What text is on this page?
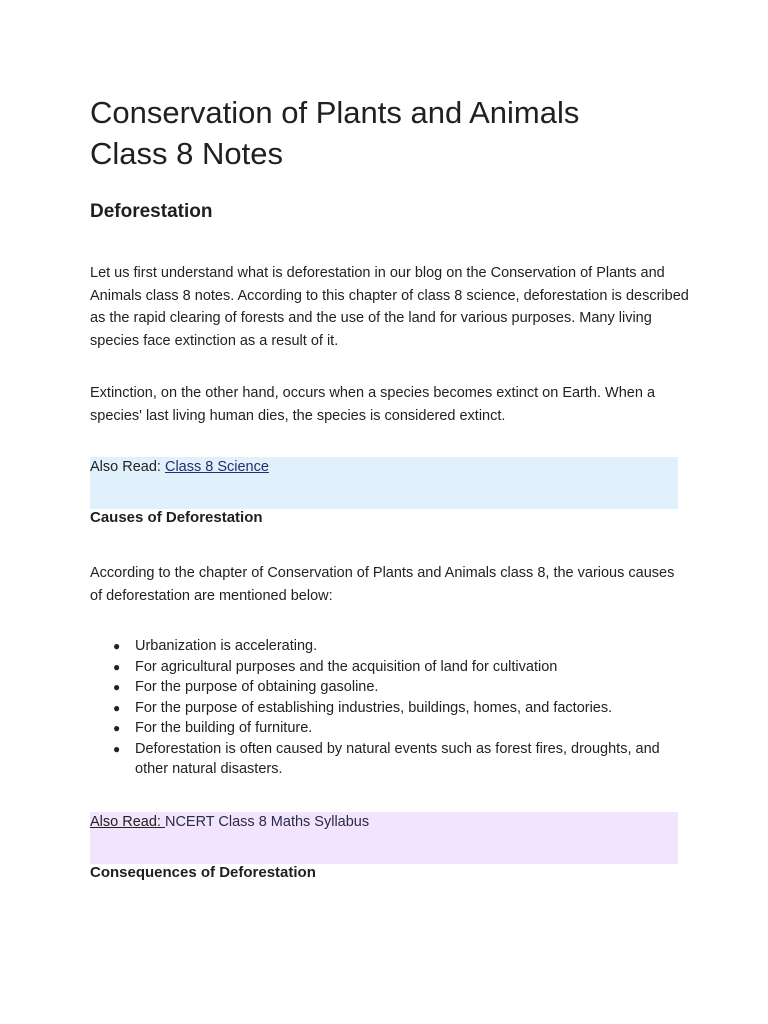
Conservation of Plants and Animals
Class 8 Notes
Deforestation

Let us first understand what is deforestation in our blog on the Conservation of Plants and Animals class 8 notes. According to this chapter of class 8 science, deforestation is described as the rapid clearing of forests and the use of the land for various purposes. Many living species face extinction as a result of it.

Extinction, on the other hand, occurs when a species becomes extinct on Earth. When a species' last living human dies, the species is considered extinct.

Also Read: Class 8 Science
Causes of Deforestation

According to the chapter of Conservation of Plants and Animals class 8, the various causes of deforestation are mentioned below:

● Urbanization is accelerating.
● For agricultural purposes and the acquisition of land for cultivation
● For the purpose of obtaining gasoline.
● For the purpose of establishing industries, buildings, homes, and factories.
● For the building of furniture.
● Deforestation is often caused by natural events such as forest fires, droughts, and other natural disasters.
Also Read: NCERT Class 8 Maths Syllabus
Consequences of Deforestation
